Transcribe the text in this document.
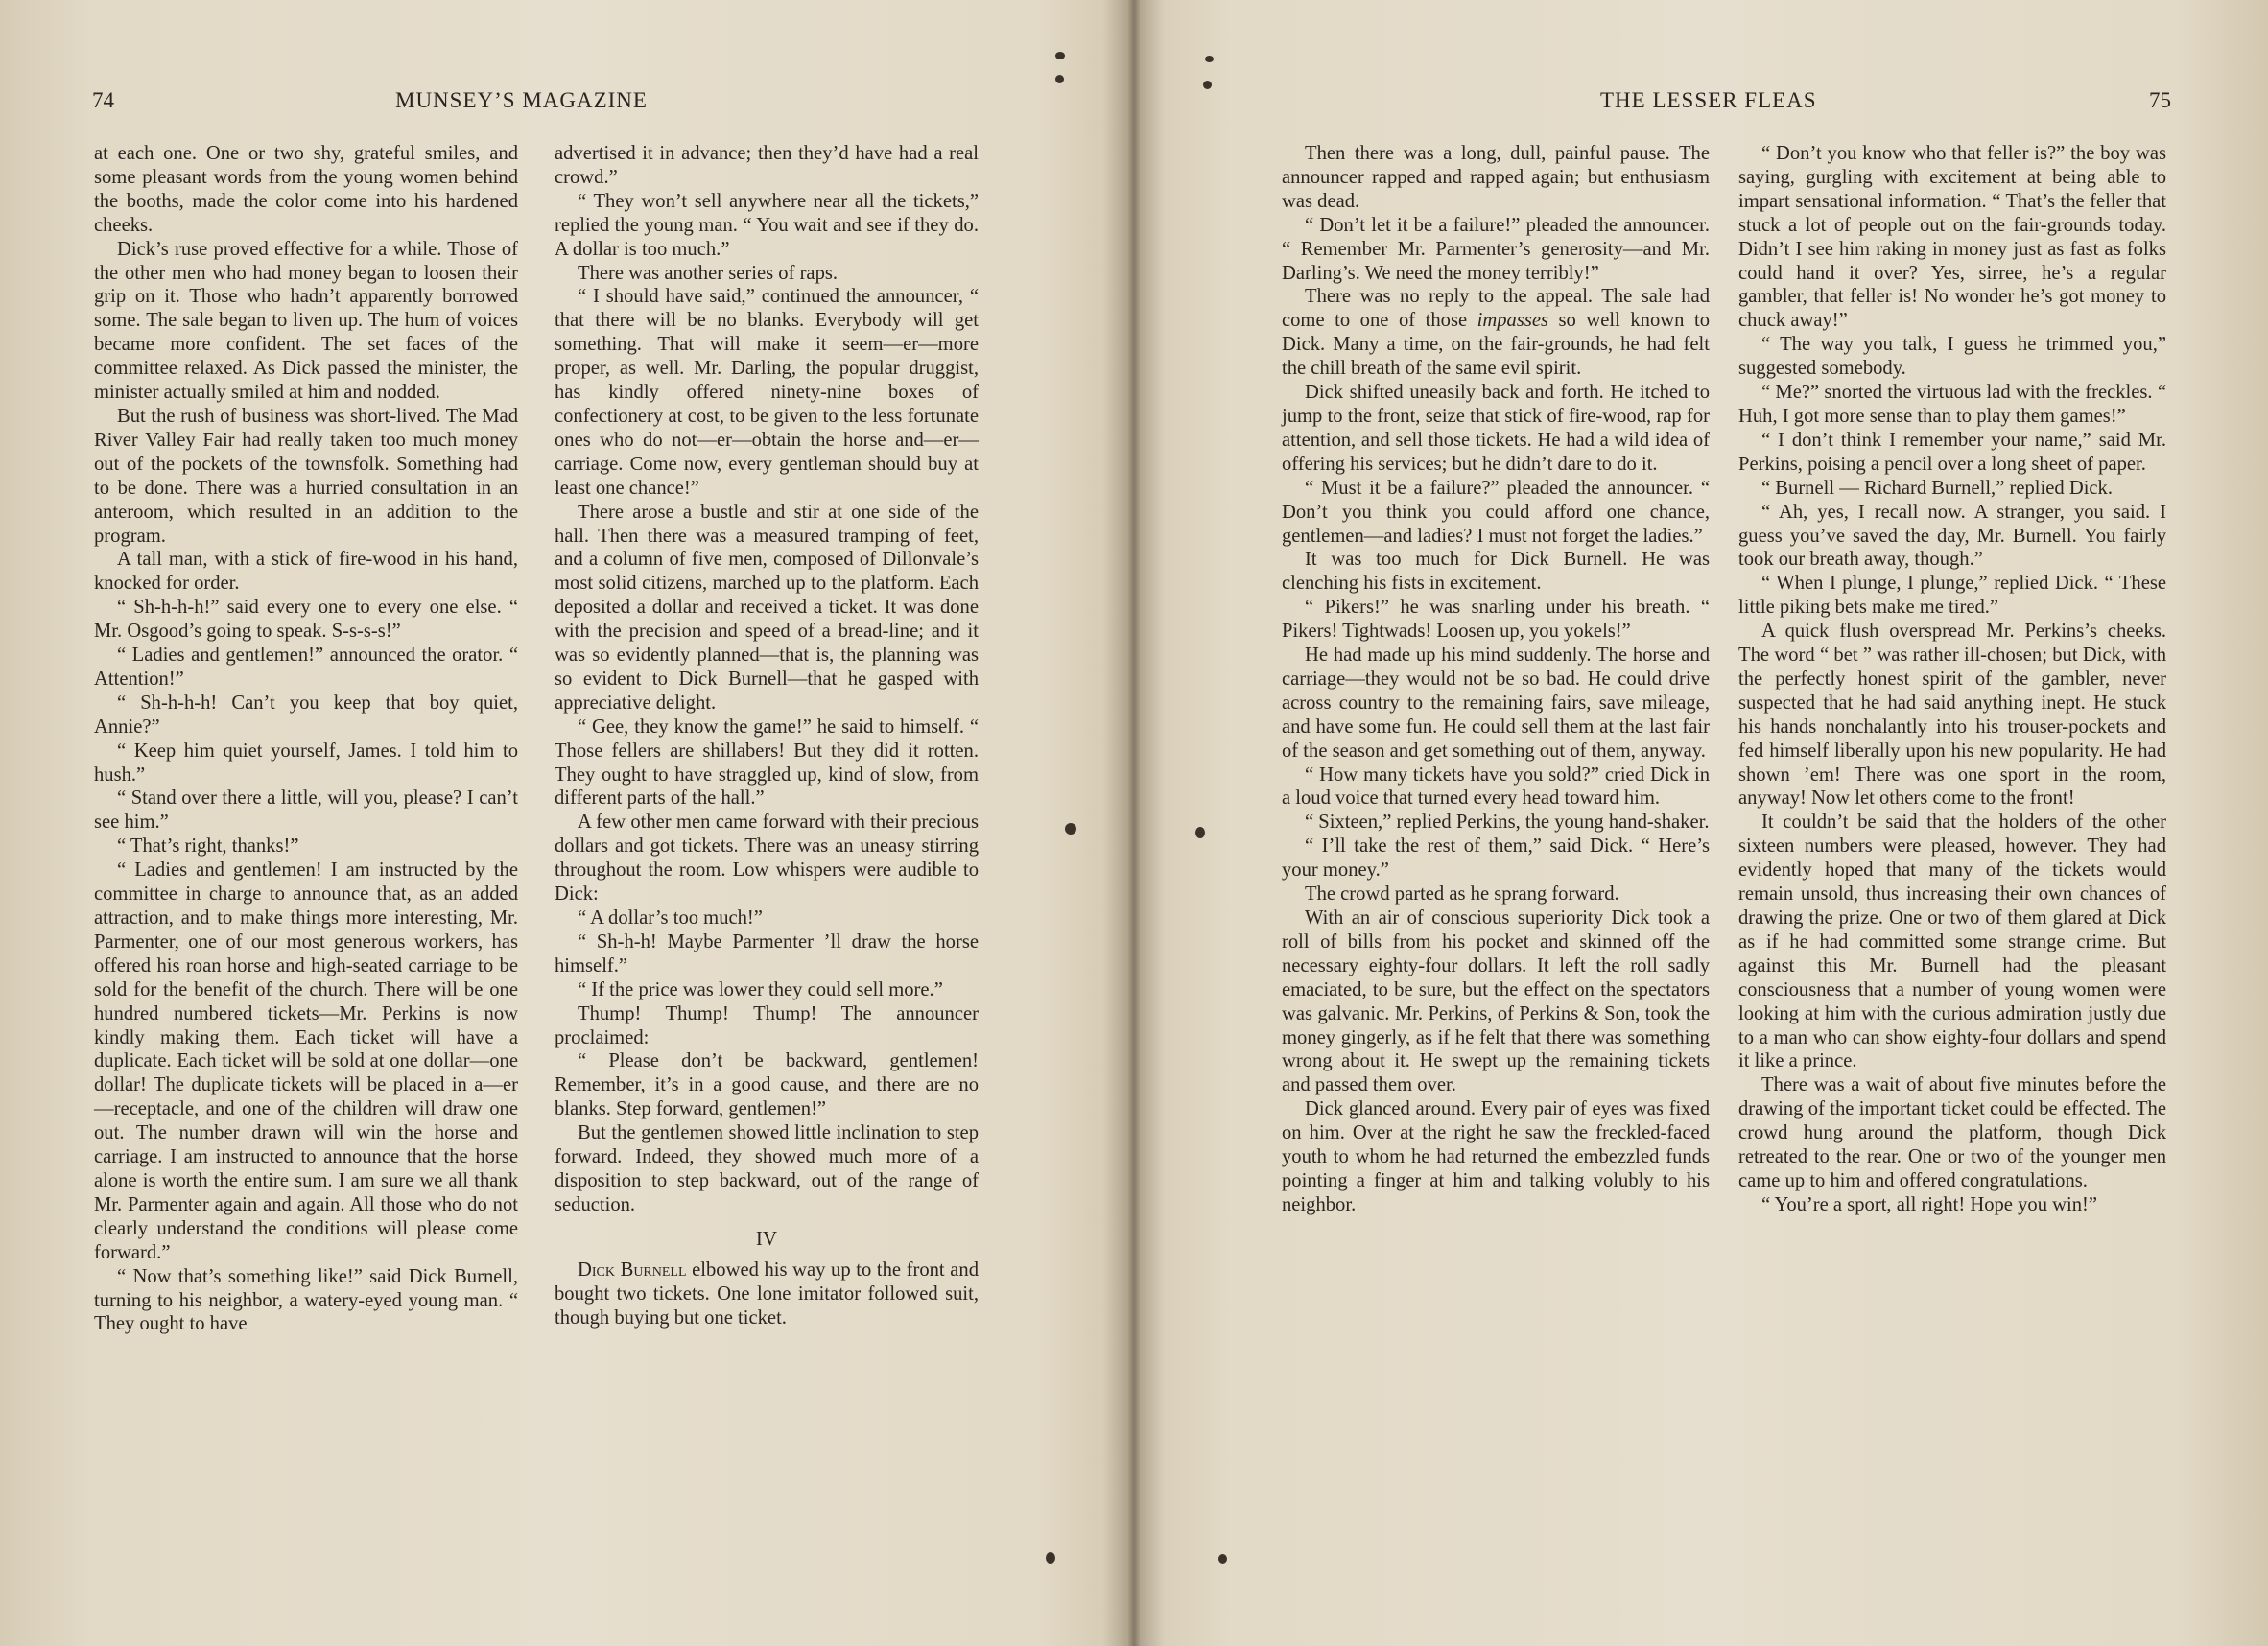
74	MUNSEY’S MAGAZINE

at each one. One or two shy, grateful smiles, and some pleasant words from the young women behind the booths, made the color come into his hardened cheeks.

Dick’s ruse proved effective for a while. Those of the other men who had money began to loosen their grip on it. Those who hadn’t apparently borrowed some. The sale began to liven up. The hum of voices became more confident. The set faces of the committee relaxed. As Dick passed the minister, the minister actually smiled at him and nodded.

But the rush of business was short-lived. The Mad River Valley Fair had really taken too much money out of the pockets of the townsfolk. Something had to be done. There was a hurried consultation in an anteroom, which resulted in an addition to the program.

A tall man, with a stick of fire-wood in his hand, knocked for order.

“ Sh-h-h-h!” said every one to every one else. “ Mr. Osgood’s going to speak. S-s-s-s!”

“ Ladies and gentlemen!” announced the orator. “ Attention!”

“ Sh-h-h-h! Can’t you keep that boy quiet, Annie?”

“ Keep him quiet yourself, James. I told him to hush.”

“ Stand over there a little, will you, please? I can’t see him.”

“ That’s right, thanks!”

“ Ladies and gentlemen! I am instructed by the committee in charge to announce that, as an added attraction, and to make things more interesting, Mr. Parmenter, one of our most generous workers, has offered his roan horse and high-seated carriage to be sold for the benefit of the church. There will be one hundred numbered tickets—Mr. Perkins is now kindly making them. Each ticket will have a duplicate. Each ticket will be sold at one dollar—one dollar! The duplicate tickets will be placed in a—er—receptacle, and one of the children will draw one out. The number drawn will win the horse and carriage. I am instructed to announce that the horse alone is worth the entire sum. I am sure we all thank Mr. Parmenter again and again. All those who do not clearly understand the conditions will please come forward.”

“ Now that’s something like!” said Dick Burnell, turning to his neighbor, a watery-eyed young man. “ They ought to have

advertised it in advance; then they’d have had a real crowd.”

“ They won’t sell anywhere near all the tickets,” replied the young man. “ You wait and see if they do. A dollar is too much.”

There was another series of raps.

“ I should have said,” continued the announcer, “ that there will be no blanks. Everybody will get something. That will make it seem—er—more proper, as well. Mr. Darling, the popular druggist, has kindly offered ninety-nine boxes of confectionery at cost, to be given to the less fortunate ones who do not—er—obtain the horse and—er—carriage. Come now, every gentleman should buy at least one chance!”

There arose a bustle and stir at one side of the hall. Then there was a measured tramping of feet, and a column of five men, composed of Dillonvale’s most solid citizens, marched up to the platform. Each deposited a dollar and received a ticket. It was done with the precision and speed of a bread-line; and it was so evidently planned—that is, the planning was so evident to Dick Burnell—that he gasped with appreciative delight.

“ Gee, they know the game!” he said to himself. “ Those fellers are shillabers! But they did it rotten. They ought to have straggled up, kind of slow, from different parts of the hall.”

A few other men came forward with their precious dollars and got tickets. There was an uneasy stirring throughout the room. Low whispers were audible to Dick:

“ A dollar’s too much!”

“ Sh-h-h! Maybe Parmenter ’ll draw the horse himself.”

“ If the price was lower they could sell more.”

Thump! Thump! Thump! The announcer proclaimed:

“ Please don’t be backward, gentlemen! Remember, it’s in a good cause, and there are no blanks. Step forward, gentlemen!”

But the gentlemen showed little inclination to step forward. Indeed, they showed much more of a disposition to step backward, out of the range of seduction.

IV

Dick Burnell elbowed his way up to the front and bought two tickets. One lone imitator followed suit, though buying but one ticket.

THE LESSER FLEAS	75

Then there was a long, dull, painful pause. The announcer rapped and rapped again; but enthusiasm was dead.

“ Don’t let it be a failure!” pleaded the announcer. “ Remember Mr. Parmenter’s generosity—and Mr. Darling’s. We need the money terribly!”

There was no reply to the appeal. The sale had come to one of those impasses so well known to Dick. Many a time, on the fair-grounds, he had felt the chill breath of the same evil spirit.

Dick shifted uneasily back and forth. He itched to jump to the front, seize that stick of fire-wood, rap for attention, and sell those tickets. He had a wild idea of offering his services; but he didn’t dare to do it.

“ Must it be a failure?” pleaded the announcer. “ Don’t you think you could afford one chance, gentlemen—and ladies? I must not forget the ladies.”

It was too much for Dick Burnell. He was clenching his fists in excitement.

“ Pikers!” he was snarling under his breath. “ Pikers! Tightwads! Loosen up, you yokels!”

He had made up his mind suddenly. The horse and carriage—they would not be so bad. He could drive across country to the remaining fairs, save mileage, and have some fun. He could sell them at the last fair of the season and get something out of them, anyway.

“ How many tickets have you sold?” cried Dick in a loud voice that turned every head toward him.

“ Sixteen,” replied Perkins, the young hand-shaker.

“ I’ll take the rest of them,” said Dick. “ Here’s your money.”

The crowd parted as he sprang forward.

With an air of conscious superiority Dick took a roll of bills from his pocket and skinned off the necessary eighty-four dollars. It left the roll sadly emaciated, to be sure, but the effect on the spectators was galvanic. Mr. Perkins, of Perkins & Son, took the money gingerly, as if he felt that there was something wrong about it. He swept up the remaining tickets and passed them over.

Dick glanced around. Every pair of eyes was fixed on him. Over at the right he saw the freckled-faced youth to whom he had returned the embezzled funds pointing a finger at him and talking volubly to his neighbor.

“ Don’t you know who that feller is?” the boy was saying, gurgling with excitement at being able to impart sensational information. “ That’s the feller that stuck a lot of people out on the fair-grounds today. Didn’t I see him raking in money just as fast as folks could hand it over? Yes, sirree, he’s a regular gambler, that feller is! No wonder he’s got money to chuck away!”

“ The way you talk, I guess he trimmed you,” suggested somebody.

“ Me?” snorted the virtuous lad with the freckles. “ Huh, I got more sense than to play them games!”

“ I don’t think I remember your name,” said Mr. Perkins, poising a pencil over a long sheet of paper.

“ Burnell — Richard Burnell,” replied Dick.

“ Ah, yes, I recall now. A stranger, you said. I guess you’ve saved the day, Mr. Burnell. You fairly took our breath away, though.”

“ When I plunge, I plunge,” replied Dick. “ These little piking bets make me tired.”

A quick flush overspread Mr. Perkins’s cheeks. The word “ bet ” was rather ill-chosen; but Dick, with the perfectly honest spirit of the gambler, never suspected that he had said anything inept. He stuck his hands nonchalantly into his trouser-pockets and fed himself liberally upon his new popularity. He had shown ’em! There was one sport in the room, anyway! Now let others come to the front!

It couldn’t be said that the holders of the other sixteen numbers were pleased, however. They had evidently hoped that many of the tickets would remain unsold, thus increasing their own chances of drawing the prize. One or two of them glared at Dick as if he had committed some strange crime. But against this Mr. Burnell had the pleasant consciousness that a number of young women were looking at him with the curious admiration justly due to a man who can show eighty-four dollars and spend it like a prince.

There was a wait of about five minutes before the drawing of the important ticket could be effected. The crowd hung around the platform, though Dick retreated to the rear. One or two of the younger men came up to him and offered congratulations.

“ You’re a sport, all right! Hope you win!”
